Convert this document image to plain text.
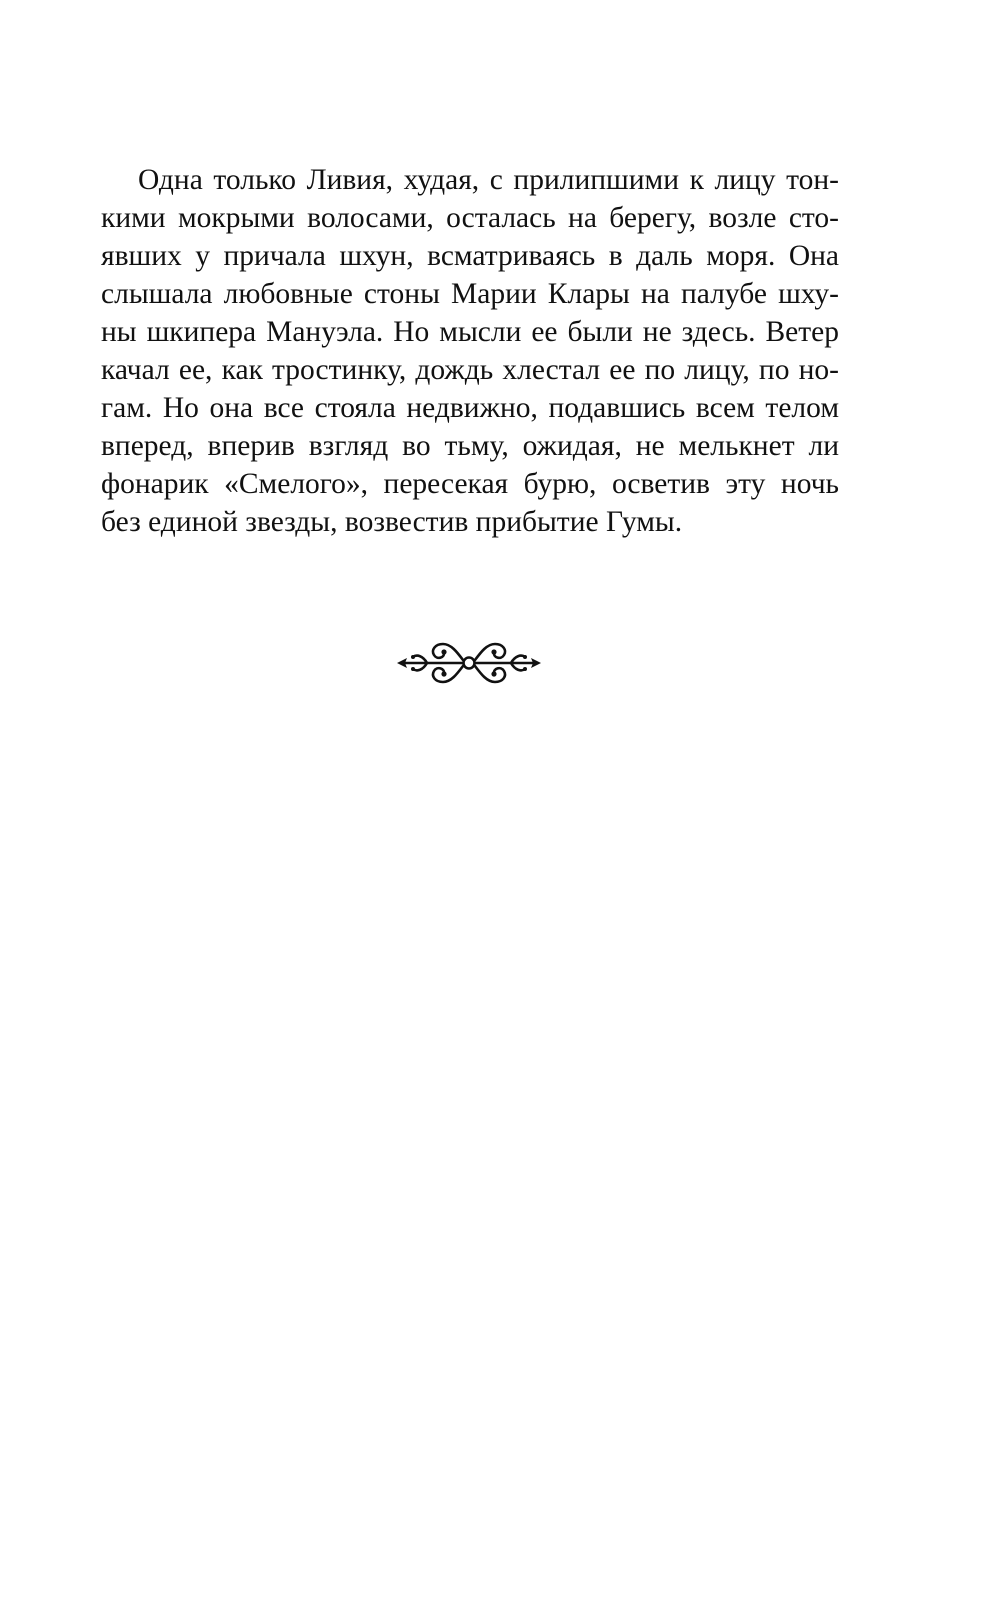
Одна только Ливия, худая, с прилипшими к лицу тон-
кими мокрыми волосами, осталась на берегу, возле сто-
явших у причала шхун, всматриваясь в даль моря. Она
слышала любовные стоны Марии Клары на палубе шху-
ны шкипера Мануэла. Но мысли ее были не здесь. Ветер
качал ее, как тростинку, дождь хлестал ее по лицу, по но-
гам. Но она все стояла недвижно, подавшись всем телом
вперед, вперив взгляд во тьму, ожидая, не мелькнет ли
фонарик «Смелого», пересекая бурю, осветив эту ночь
без единой звезды, возвестив прибытие Гумы.
